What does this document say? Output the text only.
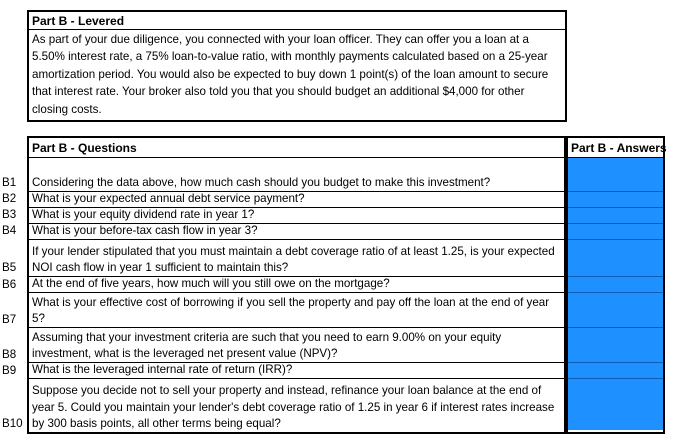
Part B - Levered
As part of your due diligence, you connected with your loan officer. They can offer you a loan at a 5.50% interest rate, a 75% loan-to-value ratio, with monthly payments calculated based on a 25-year amortization period. You would also be expected to buy down 1 point(s) of the loan amount to secure that interest rate. Your broker also told you that you should budget an additional $4,000 for other closing costs.
B1
B2
B3
B4
B5
B6
B7
B8
B9
B10
Part B - Questions
Considering the data above, how much cash should you budget to make this investment?
What is your expected annual debt service payment?
What is your equity dividend rate in year 1?
What is your before-tax cash flow in year 3?
If your lender stipulated that you must maintain a debt coverage ratio of at least 1.25, is your expected NOI cash flow in year 1 sufficient to maintain this?
At the end of five years, how much will you still owe on the mortgage?
What is your effective cost of borrowing if you sell the property and pay off the loan at the end of year 5?
Assuming that your investment criteria are such that you need to earn 9.00% on your equity investment, what is the leveraged net present value (NPV)?
What is the leveraged internal rate of return (IRR)?
Suppose you decide not to sell your property and instead, refinance your loan balance at the end of year 5. Could you maintain your lender's debt coverage ratio of 1.25 in year 6 if interest rates increase by 300 basis points, all other terms being equal?
Part B - Answers
